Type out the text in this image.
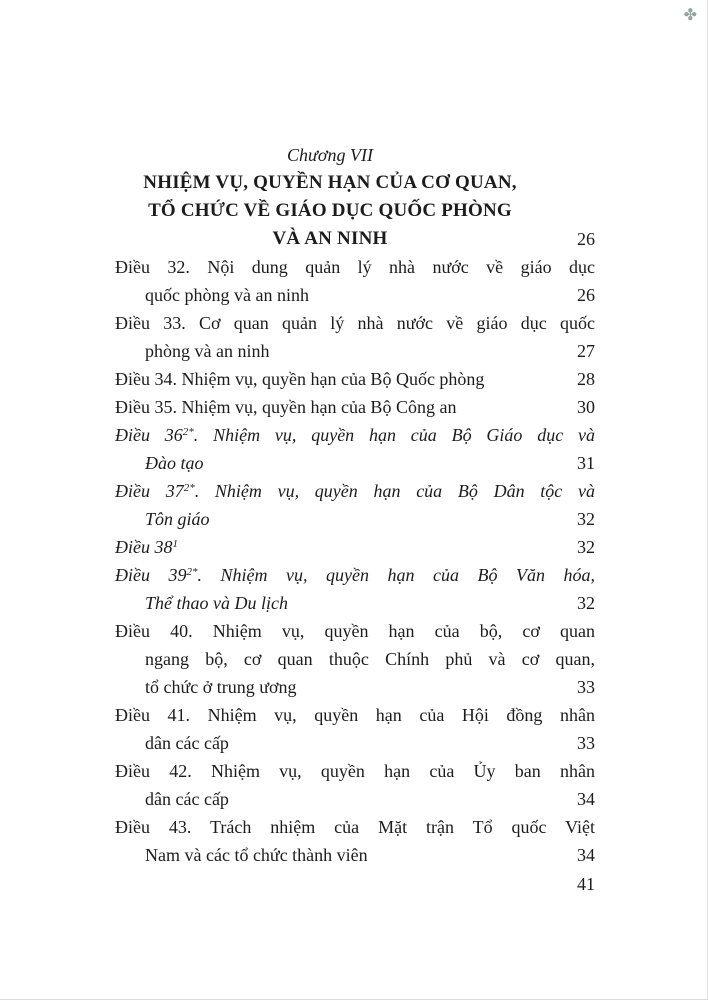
✤
Chương VII
NHIỆM VỤ, QUYỀN HẠN CỦA CƠ QUAN,
TỔ CHỨC VỀ GIÁO DỤC QUỐC PHÒNG
VÀ AN NINH	26
Điều 32. Nội dung quản lý nhà nước về giáo dục
quốc phòng và an ninh	26
Điều 33. Cơ quan quản lý nhà nước về giáo dục quốc
phòng và an ninh	27
Điều 34. Nhiệm vụ, quyền hạn của Bộ Quốc phòng	28
Điều 35. Nhiệm vụ, quyền hạn của Bộ Công an	30
Điều $36^{2*}$. Nhiệm vụ, quyền hạn của Bộ Giáo dục và
Đào tạo	31
Điều $37^{2*}$. Nhiệm vụ, quyền hạn của Bộ Dân tộc và
Tôn giáo	32
Điều $38^1$	32
Điều $39^{2*}$. Nhiệm vụ, quyền hạn của Bộ Văn hóa,
Thể thao và Du lịch	32
Điều 40. Nhiệm vụ, quyền hạn của bộ, cơ quan
ngang bộ, cơ quan thuộc Chính phủ và cơ quan,
tổ chức ở trung ương	33
Điều 41. Nhiệm vụ, quyền hạn của Hội đồng nhân
dân các cấp	33
Điều 42. Nhiệm vụ, quyền hạn của Ủy ban nhân
dân các cấp	34
Điều 43. Trách nhiệm của Mặt trận Tổ quốc Việt
Nam và các tổ chức thành viên	34
41
